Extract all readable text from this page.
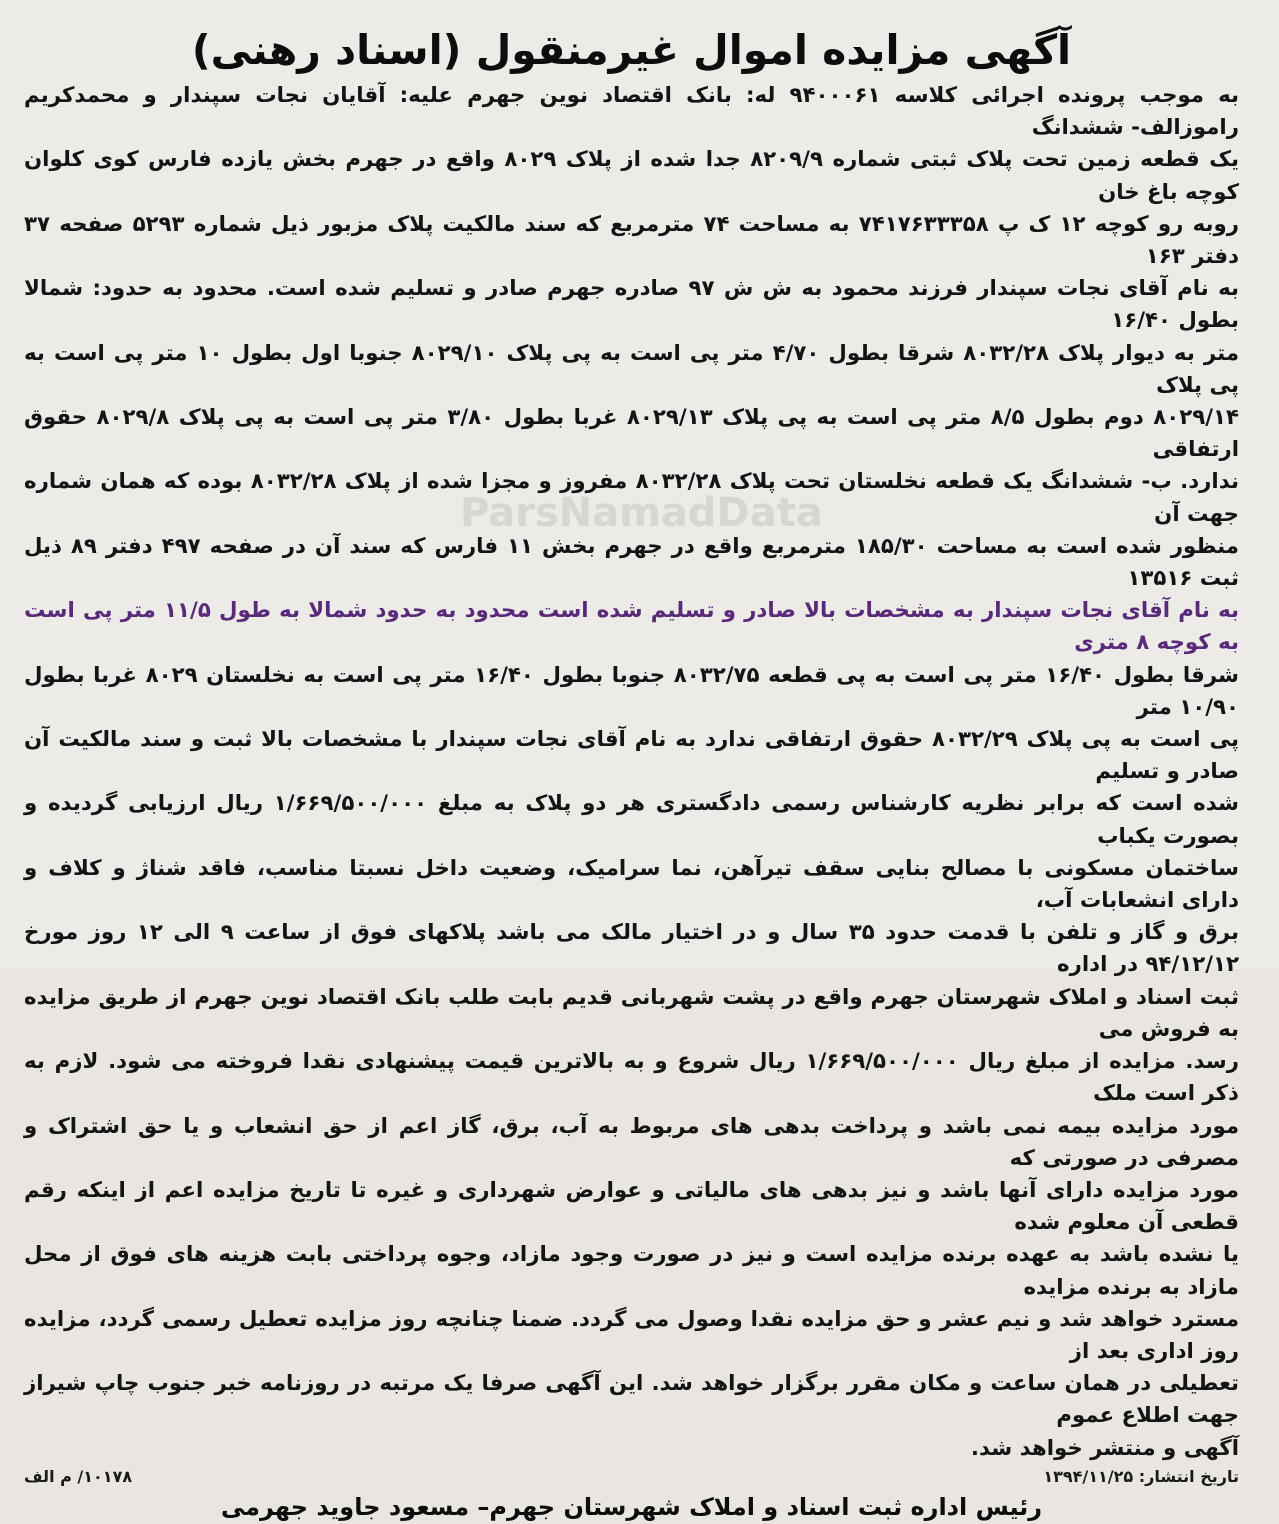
آگهی مزایده اموال غیرمنقول (اسناد رهنی)
به موجب پرونده اجرائی کلاسه ۹۴۰۰۰۶۱ له: بانک اقتصاد نوین جهرم علیه: آقایان نجات سپندار و محمدکریم راموزالف- ششدانگ
یک قطعه زمین تحت پلاک ثبتی شماره ۸۲۰۹/۹ جدا شده از پلاک ۸۰۲۹ واقع در جهرم بخش یازده فارس کوی کلوان کوچه باغ خان
روبه رو کوچه ۱۲ ک پ ۷۴۱۷۶۳۳۳۵۸ به مساحت ۷۴ مترمربع که سند مالکیت پلاک مزبور ذیل شماره ۵۲۹۳ صفحه ۳۷ دفتر ۱۶۳
به نام آقای نجات سپندار فرزند محمود به ش ش ۹۷ صادره جهرم صادر و تسلیم شده است. محدود به حدود: شمالا بطول ۱۶/۴۰
متر به دیوار پلاک ۸۰۳۲/۲۸ شرقا بطول ۴/۷۰ متر پی است به پی پلاک ۸۰۲۹/۱۰ جنوبا اول بطول ۱۰ متر پی است به پی پلاک
۸۰۲۹/۱۴ دوم بطول ۸/۵ متر پی است به پی پلاک ۸۰۲۹/۱۳ غربا بطول ۳/۸۰ متر پی است به پی پلاک ۸۰۲۹/۸ حقوق ارتفاقی
ندارد. ب- ششدانگ یک قطعه نخلستان تحت پلاک ۸۰۳۲/۲۸ مفروز و مجزا شده از پلاک ۸۰۳۲/۲۸ بوده که همان شماره جهت آن
منظور شده است به مساحت ۱۸۵/۳۰ مترمربع واقع در جهرم بخش ۱۱ فارس که سند آن در صفحه ۴۹۷ دفتر ۸۹ ذیل ثبت ۱۳۵۱۶
به نام آقای نجات سپندار به مشخصات بالا صادر و تسلیم شده است محدود به حدود شمالا به طول ۱۱/۵ متر پی است به کوچه ۸ متری
شرقا بطول ۱۶/۴۰ متر پی است به پی قطعه ۸۰۳۲/۷۵ جنوبا بطول ۱۶/۴۰ متر پی است به نخلستان ۸۰۲۹ غربا بطول ۱۰/۹۰ متر
پی است به پی پلاک ۸۰۳۲/۲۹ حقوق ارتفاقی ندارد به نام آقای نجات سپندار با مشخصات بالا ثبت و سند مالکیت آن صادر و تسلیم
شده است که برابر نظریه کارشناس رسمی دادگستری هر دو پلاک به مبلغ ۱/۶۶۹/۵۰۰/۰۰۰ ریال ارزیابی گردیده و بصورت یکباب
ساختمان مسکونی با مصالح بنایی سقف تیرآهن، نما سرامیک، وضعیت داخل نسبتا مناسب، فاقد شناژ و کلاف و دارای انشعابات آب،
برق و گاز و تلفن با قدمت حدود ۳۵ سال و در اختیار مالک می باشد پلاکهای فوق از ساعت ۹ الی ۱۲ روز مورخ ۹۴/۱۲/۱۲ در اداره
ثبت اسناد و املاک شهرستان جهرم واقع در پشت شهربانی قدیم بابت طلب بانک اقتصاد نوین جهرم از طریق مزایده به فروش می
رسد. مزایده از مبلغ ریال ۱/۶۶۹/۵۰۰/۰۰۰ ریال شروع و به بالاترین قیمت پیشنهادی نقدا فروخته می شود. لازم به ذکر است ملک
مورد مزایده بیمه نمی باشد و پرداخت بدهی های مربوط به آب، برق، گاز اعم از حق انشعاب و یا حق اشتراک و مصرفی در صورتی که
مورد مزایده دارای آنها باشد و نیز بدهی های مالیاتی و عوارض شهرداری و غیره تا تاریخ مزایده اعم از اینکه رقم قطعی آن معلوم شده
یا نشده باشد به عهده برنده مزایده است و نیز در صورت وجود مازاد، وجوه پرداختی بابت هزینه های فوق از محل مازاد به برنده مزایده
مسترد خواهد شد و نیم عشر و حق مزایده نقدا وصول می گردد. ضمنا چنانچه روز مزایده تعطیل رسمی گردد، مزایده روز اداری بعد از
تعطیلی در همان ساعت و مکان مقرر برگزار خواهد شد. این آگهی صرفا یک مرتبه در روزنامه خبر جنوب چاپ شیراز جهت اطلاع عموم
آگهی و منتشر خواهد شد.
تاریخ انتشار: ۱۳۹۴/۱۱/۲۵
۱۰۱۷۸/ م الف
رئیس اداره ثبت اسناد و املاک شهرستان جهرم– مسعود جاوید جهرمی
ParsNamadData
